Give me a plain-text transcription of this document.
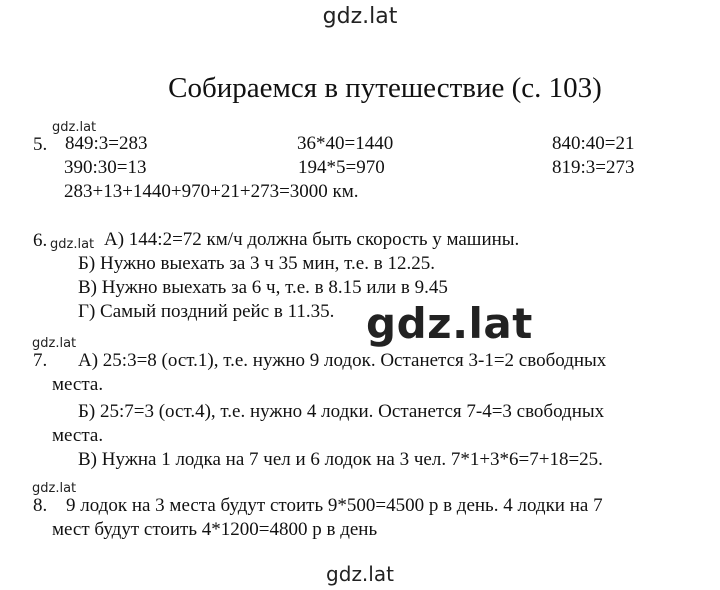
gdz.lat
Собираемся в путешествие (с. 103)
gdz.lat
5. 849:3=283	36*40=1440	840:40=21
390:30=13	194*5=970	819:3=273
283+13+1440+970+21+273=3000 км.
6. gdz.lat А) 144:2=72 км/ч должна быть скорость у машины.
Б) Нужно выехать за 3 ч 35 мин, т.е. в 12.25.
В) Нужно выехать за 6 ч, т.е. в 8.15 или в 9.45
Г) Самый поздний рейс в 11.35. gdz.lat
gdz.lat
7. А) 25:3=8 (ост.1), т.е. нужно 9 лодок. Останется 3-1=2 свободных
места.
Б) 25:7=3 (ост.4), т.е. нужно 4 лодки. Останется 7-4=3 свободных
места.
В) Нужна 1 лодка на 7 чел и 6 лодок на 3 чел. 7*1+3*6=7+18=25.
gdz.lat
8. 9 лодок на 3 места будут стоить 9*500=4500 р в день. 4 лодки на 7
мест будут стоить 4*1200=4800 р в день
gdz.lat
